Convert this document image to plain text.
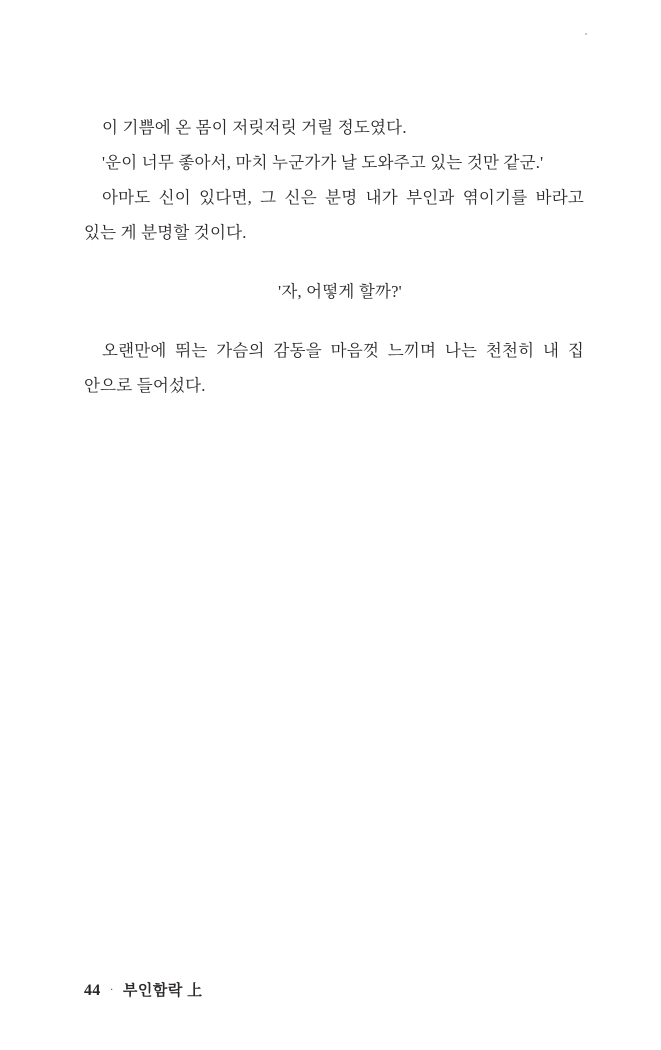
이 기쁨에 온 몸이 저릿저릿 거릴 정도였다.

'운이 너무 좋아서, 마치 누군가가 날 도와주고 있는 것만 같군.'

아마도 신이 있다면, 그 신은 분명 내가 부인과 엮이기를 바라고 있는 게 분명할 것이다.

'자, 어떻게 할까?'

오랜만에 뛰는 가슴의 감동을 마음껏 느끼며 나는 천천히 내 집 안으로 들어섰다.

44 · 부인함락 上
